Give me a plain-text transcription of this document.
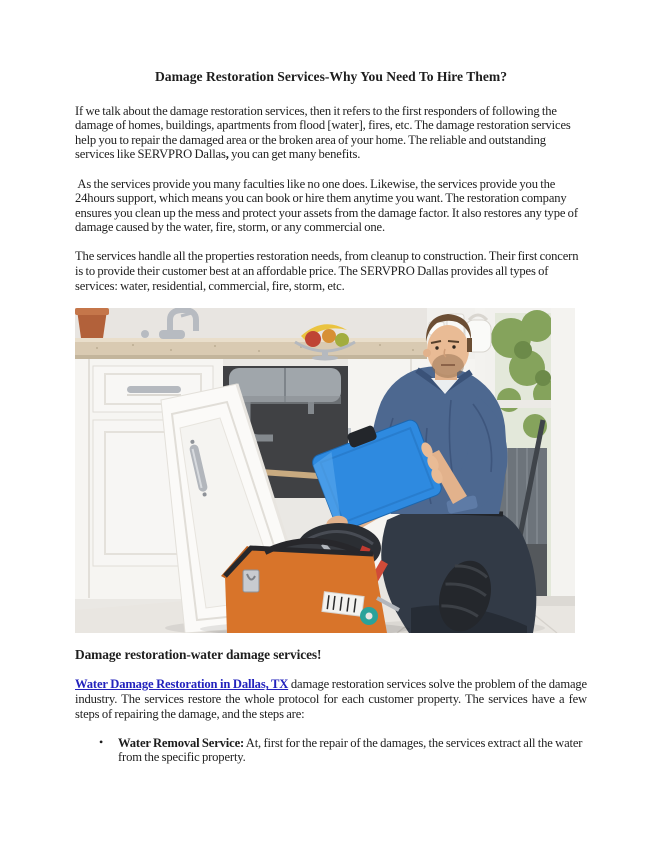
Damage Restoration Services-Why You Need To Hire Them?

If we talk about the damage restoration services, then it refers to the first responders of following the damage of homes, buildings, apartments from flood [water], fires, etc. The damage restoration services help you to repair the damaged area or the broken area of your home. The reliable and outstanding services like SERVPRO Dallas, you can get many benefits.

As the services provide you many faculties like no one does. Likewise, the services provide you the 24hours support, which means you can book or hire them anytime you want. The restoration company ensures you clean up the mess and protect your assets from the damage factor. It also restores any type of damage caused by the water, fire, storm, or any commercial one.

The services handle all the properties restoration needs, from cleanup to construction. Their first concern is to provide their customer best at an affordable price. The SERVPRO Dallas provides all types of services: water, residential, commercial, fire, storm, etc.

Damage restoration-water damage services!

Water Damage Restoration in Dallas, TX damage restoration services solve the problem of the damage industry. The services restore the whole protocol for each customer property. The services have a few steps of repairing the damage, and the steps are:

• Water Removal Service: At, first for the repair of the damages, the services extract all the water from the specific property.
